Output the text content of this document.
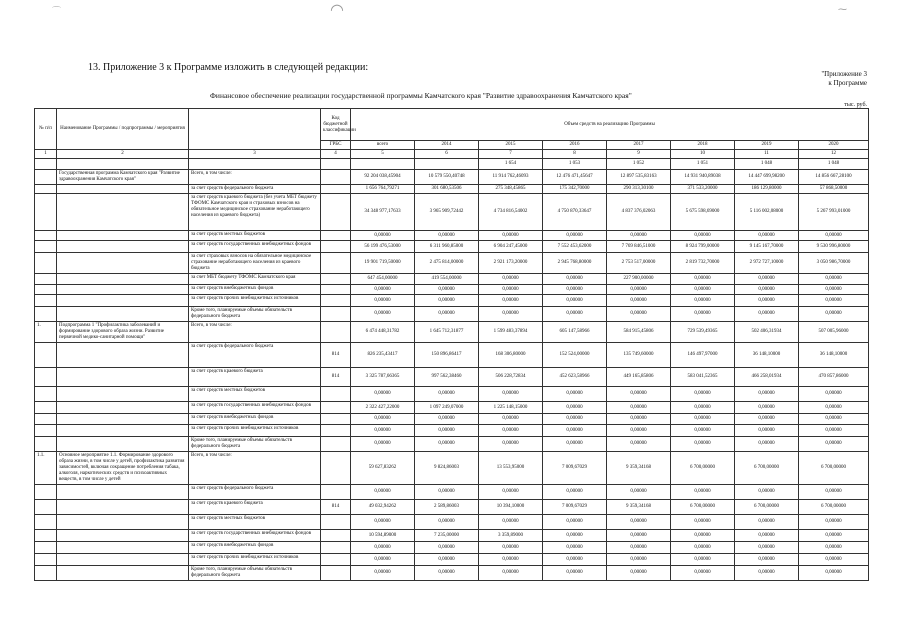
⌒	◠	⁓
13. Приложение 3 к Программе изложить в следующей редакции:
"Приложение 3
к Программе
Финансовое обеспечение реализации государственной программы Камчатского края "Развитие здравоохранения Камчатского края"
тыс. руб.
№ п/п	Наименование Программы / подпрограммы / мероприятия		Код бюджетной классификации	Объем средств на реализацию Программы							
			ГРБС	всего	2014	2015	2016	2017	2018	2019	2020
1	2	3	4	5	6	7	8	9	10	11	12
						1 654	1 053	1 052	1 051	1 048	1 048
	Государственная программа Камчатского края "Развитие здравоохранения Камчатского края"	Всего, в том числе:		92 204 038,45904	10 579 550,40748	11 914 762,46093	12 476 471,45647	12 897 535,83163	14 931 940,89038	14 447 699,98200	14 856 667,28100
		за счет средств федерального бюджета		1 656 764,79271	301 680,53506	275 348,45865	175 342,70000	290 313,30100	371 533,20000	186 129,80000	57 868,50000
		за счет средств краевого бюджета (без учета МБТ бюджету ТФОМС Камчатского края и страховых взносов на обязательное медицинское страхование неработающего населения из краевого бюджета)		34 348 977,17633	3 965 909,72442	4 734 816,54002	4 750 870,33647	4 837 376,02063	5 675 598,69000	5 116 002,08000	5 267 993,01000
		за счет средств местных бюджетов		0,00000	0,00000	0,00000	0,00000	0,00000	0,00000	0,00000	0,00000
		за счет средств государственных внебюджетных фондов		56 199 476,53000	6 311 960,85000	6 904 247,45000	7 552 453,62000	7 769 846,51000	8 924 799,00000	9 145 167,70000	9 530 996,80000
		за счет страховых взносов на обязательное медицинское страхование неработающего населения из краевого бюджета		19 901 719,50000	2 475 814,00000	2 921 173,20000	2 945 768,80000	2 753 517,00000	2 819 732,70000	2 972 727,10000	3 050 986,70000
		за счет МБТ бюджету ТФОМС Камчатского края		647 454,00000	419 554,00000	0,00000	0,00000	227 900,00000	0,00000	0,00000	0,00000
		за счет средств внебюджетных фондов		0,00000	0,00000	0,00000	0,00000	0,00000	0,00000	0,00000	0,00000
		за счет средств прочих внебюджетных источников		0,00000	0,00000	0,00000	0,00000	0,00000	0,00000	0,00000	0,00000
		Кроме того, планируемые объемы обязательств федерального бюджета		0,00000	0,00000	0,00000	0,00000	0,00000	0,00000	0,00000	0,00000
1.	Подпрограмма 1 "Профилактика заболеваний и формирование здорового образа жизни. Развитие первичной медико-санитарной помощи"	Всего, в том числе:		6 474 448,31782	1 645 712,31877	1 599 483,37894	605 147,58966	584 915,45806	729 539,49365	502 406,31934	507 005,96000
		за счет средств федерального бюджета	814	826 235,43417	150 896,86417	168 306,80000	152 524,00000	135 749,60000	146 497,97000	36 148,10000	36 148,10000
		за счет средств краевого бюджета	814	3 325 787,66365	997 562,38460	506 228,72834	452 623,58966	449 165,85806	583 041,52365	466 258,01934	470 857,86000
		за счет средств местных бюджетов		0,00000	0,00000	0,00000	0,00000	0,00000	0,00000	0,00000	0,00000
		за счет средств государственных внебюджетных фондов		2 322 427,22000	1 097 249,07000	1 225 148,15000	0,00000	0,00000	0,00000	0,00000	0,00000
		за счет средств внебюджетных фондов		0,00000	0,00000	0,00000	0,00000	0,00000	0,00000	0,00000	0,00000
		за счет средств прочих внебюджетных источников		0,00000	0,00000	0,00000	0,00000	0,00000	0,00000	0,00000	0,00000
		Кроме того, планируемые объемы обязательств федерального бюджета		0,00000	0,00000	0,00000	0,00000	0,00000	0,00000	0,00000	0,00000
1.1.	Основное мероприятие 1.1. Формирование здорового образа жизни, в том числе у детей, профилактика развития зависимостей, включая сокращение потребления табака, алкоголя, наркотических средств и психоактивных веществ, в том числе у детей	Всего, в том числе:		59 627,83262	9 824,86003	13 553,95000	7 009,67029	9 359,34168	6 700,00000	6 700,00000	6 700,00000
		за счет средств федерального бюджета		0,00000	0,00000	0,00000	0,00000	0,00000	0,00000	0,00000	0,00000
		за счет средств краевого бюджета	814	49 032,94262	2 589,86003	10 394,10000	7 009,67029	9 359,34168	6 700,00000	6 700,00000	6 700,00000
		за счет средств местных бюджетов		0,00000	0,00000	0,00000	0,00000	0,00000	0,00000	0,00000	0,00000
		за счет средств государственных внебюджетных фондов		10 594,89000	7 235,00000	3 359,89000	0,00000	0,00000	0,00000	0,00000	0,00000
		за счет средств внебюджетных фондов		0,00000	0,00000	0,00000	0,00000	0,00000	0,00000	0,00000	0,00000
		за счет средств прочих внебюджетных источников		0,00000	0,00000	0,00000	0,00000	0,00000	0,00000	0,00000	0,00000
		Кроме того, планируемые объемы обязательств федерального бюджета		0,00000	0,00000	0,00000	0,00000	0,00000	0,00000	0,00000	0,00000
